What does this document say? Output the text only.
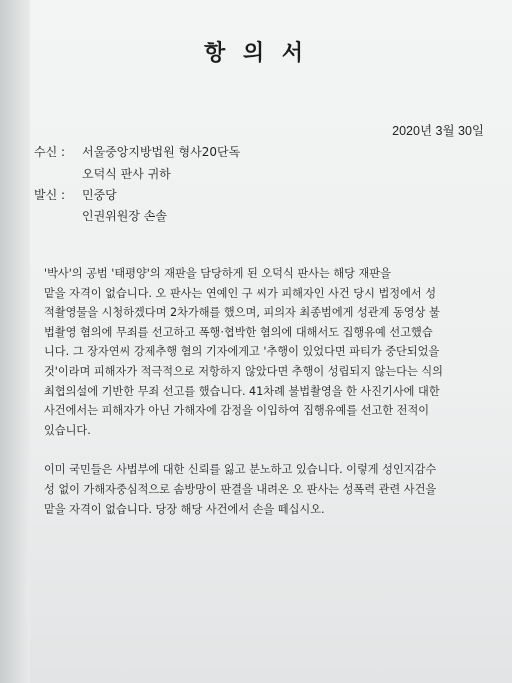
항 의 서
2020년 3월 30일
수신 : 서울중앙지방법원 형사20단독
오덕식 판사 귀하
발신 : 민중당
인권위원장 손솔
'박사'의 공범 '태평양'의 재판을 담당하게 된 오덕식 판사는 해당 재판을
맡을 자격이 없습니다. 오 판사는 연예인 구 씨가 피해자인 사건 당시 법정에서 성
적촬영물을 시청하겠다며 2차가해를 했으며, 피의자 최종범에게 성관계 동영상 불
법촬영 혐의에 무죄를 선고하고 폭행·협박한 혐의에 대해서도 집행유예 선고했습
니다. 그 장자연씨 강제추행 혐의 기자에게고 '추행이 있었다면 파티가 중단되었을
것'이라며 피해자가 적극적으로 저항하지 않았다면 추행이 성립되지 않는다는 식의
최협의설에 기반한 무죄 선고를 했습니다. 41차례 불법촬영을 한 사진기사에 대한
사건에서는 피해자가 아닌 가해자에 감정을 이입하여 집행유예를 선고한 전적이
있습니다.
이미 국민들은 사법부에 대한 신뢰를 잃고 분노하고 있습니다. 이렇게 성인지감수
성 없이 가해자중심적으로 솜방망이 판결을 내려온 오 판사는 성폭력 관련 사건을
맡을 자격이 없습니다. 당장 해당 사건에서 손을 떼십시오.
